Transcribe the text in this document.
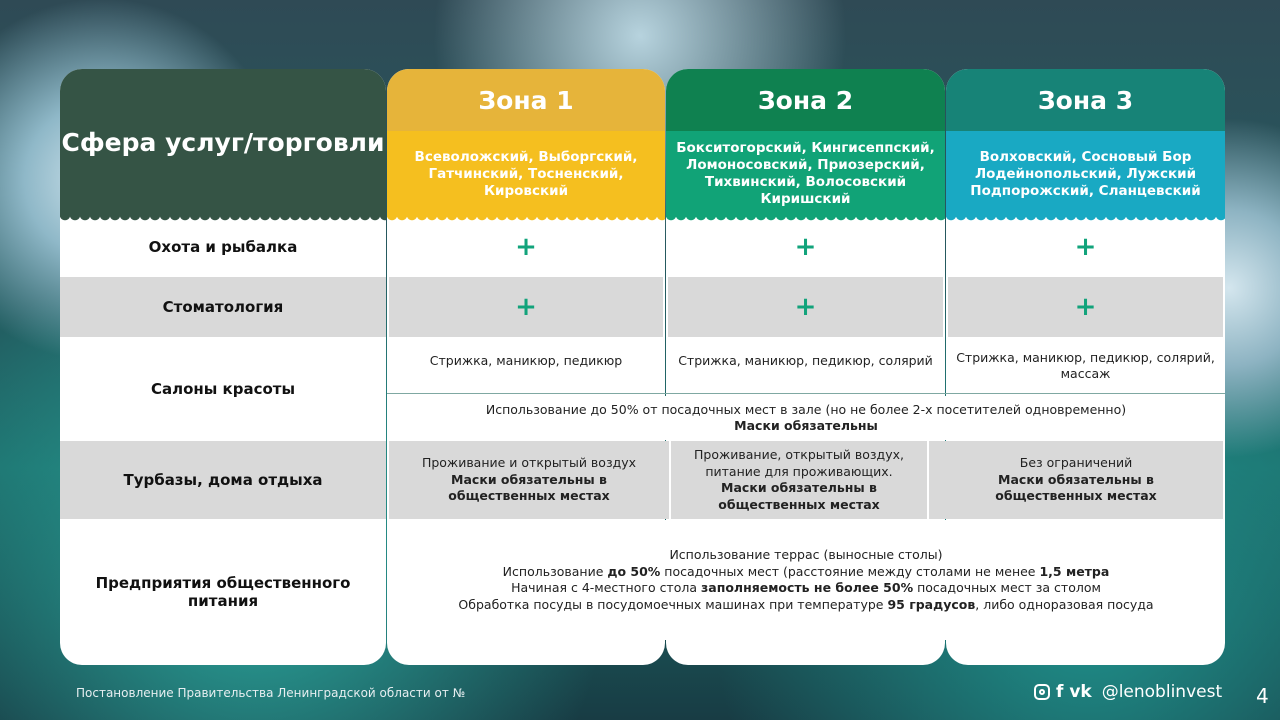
Сфера услуг/торговли
Охота и рыбалка
Стоматология
Салоны красоты
Турбазы, дома отдыха
Предприятия общественного питания
Зона 1
Всеволожский, Выборгский, Гатчинский, Тосненский, Кировский
+
+
Стрижка, маникюр, педикюр
Зона 2
Бокситогорский, Кингисеппский, Ломоносовский, Приозерский, Тихвинский, Волосовский Киришский
+
+
Стрижка, маникюр, педикюр, солярий
Зона 3
Волховский, Сосновый Бор Лодейнопольский, Лужский Подпорожский, Сланцевский
+
+
Стрижка, маникюр, педикюр, солярий, массаж
Использование до 50% от посадочных мест в зале (но не более 2-х посетителей одновременно)
Маски обязательны
Проживание и открытый воздух
Маски обязательны в общественных местах
Проживание, открытый воздух, питание для проживающих.
Маски обязательны в общественных местах
Без ограничений
Маски обязательны в общественных местах
Использование террас (выносные столы)
Использование до 50% посадочных мест (расстояние между столами не менее 1,5 метра
Начиная с 4-местного стола заполняемость не более 50% посадочных мест за столом
Обработка посуды в посудомоечных машинах при температуре 95 градусов, либо одноразовая посуда
Постановление Правительства Ленинградской области от №	f vk @lenoblinvest 4
